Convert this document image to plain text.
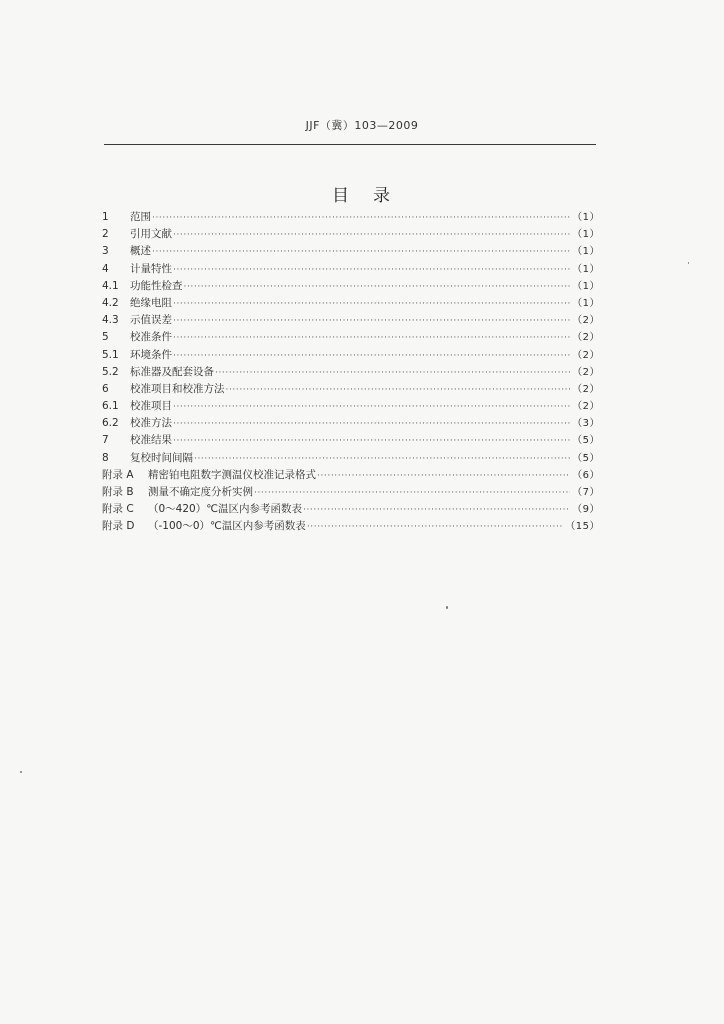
JJF（冀）103—2009
目 录
1	范围 ·····	（1）
2	引用文献 ·····	（1）
3	概述 ·····	（1）
4	计量特性 ·····	（1）
4.1	功能性检查 ·····	（1）
4.2	绝缘电阻 ·····	（1）
4.3	示值误差 ·····	（2）
5	校准条件 ·····	（2）
5.1	环境条件 ·····	（2）
5.2	标准器及配套设备 ·····	（2）
6	校准项目和校准方法 ·····	（2）
6.1	校准项目 ·····	（2）
6.2	校准方法 ·····	（3）
7	校准结果 ·····	（5）
8	复校时间间隔 ·····	（5）
附录 A	精密铂电阻数字测温仪校准记录格式 ·····	（6）
附录 B	测量不确定度分析实例 ·····	（7）
附录 C	（0～420）℃温区内参考函数表 ·····	（9）
附录 D	（-100～0）℃温区内参考函数表 ·····	（15）
